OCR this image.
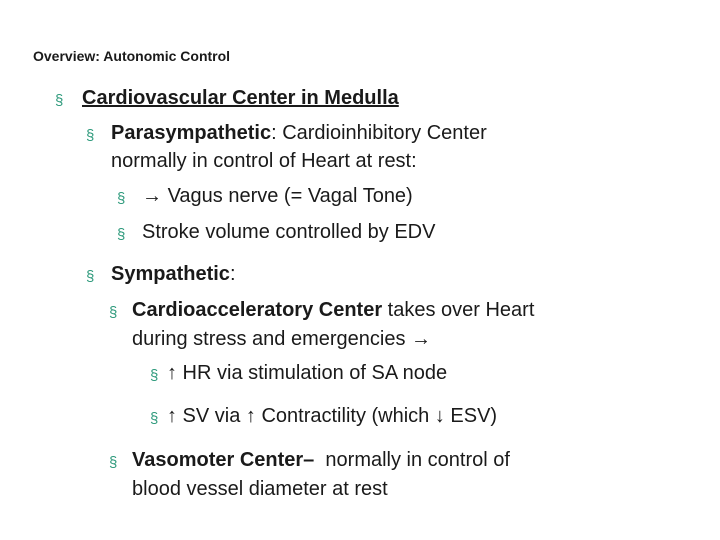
Overview: Autonomic Control
§ Cardiovascular Center in Medulla
§ Parasympathetic: Cardioinhibitory Center
normally in control of Heart at rest:
§ → Vagus nerve (= Vagal Tone)
§ Stroke volume controlled by EDV
§ Sympathetic:
§ Cardioacceleratory Center takes over Heart
during stress and emergencies →
§ ↑ HR via stimulation of SA node
§ ↑ SV via ↑ Contractility (which ↓ ESV)
§ Vasomoter Center–  normally in control of
blood vessel diameter at rest
